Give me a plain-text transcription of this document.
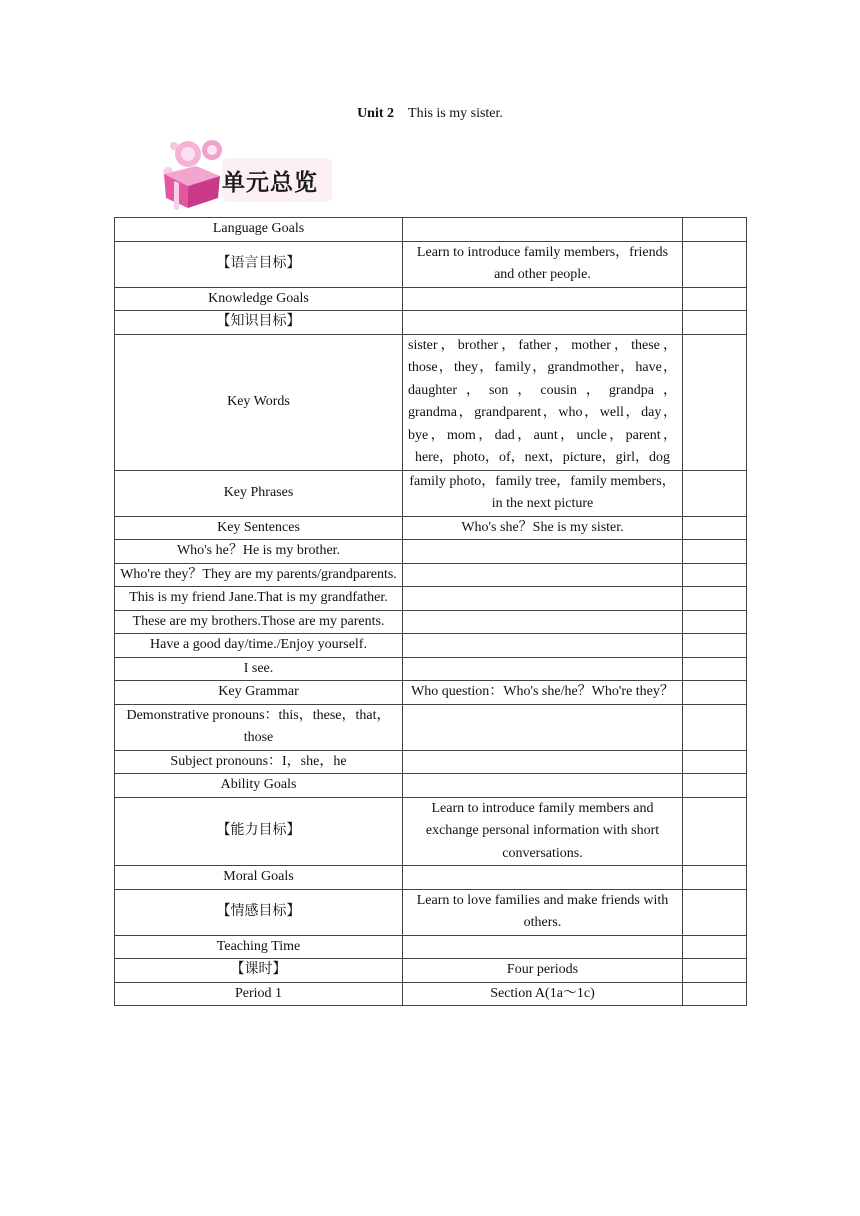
Unit 2 This is my sister.
单元总览
Language Goals		
【语言目标】	Learn to introduce family members，friends and other people.	
Knowledge Goals		
【知识目标】		
Key Words	sister，brother，father，mother，these，those，they，family，grandmother，have，daughter，son，cousin，grandpa，grandma，grandparent，who，well，day，bye，mom，dad，aunt，uncle，parent，here，photo，of，next，picture，girl，dog	
Key Phrases	family photo，family tree，family members，in the next picture	
Key Sentences	Who's she？She is my sister.	
Who's he？He is my brother.		
Who're they？They are my parents/grandparents.		
This is my friend Jane.That is my grandfather.		
These are my brothers.Those are my parents.		
Have a good day/time./Enjoy yourself.		
I see.		
Key Grammar	Who question：Who's she/he？Who're they？	
Demonstrative pronouns：this，these，that，those		
Subject pronouns：I，she，he		
Ability Goals		
【能力目标】	Learn to introduce family members and exchange personal information with short conversations.	
Moral Goals		
【情感目标】	Learn to love families and make friends with others.	
Teaching Time		
【课时】	Four periods	
Period 1	Section A(1a～1c)	
